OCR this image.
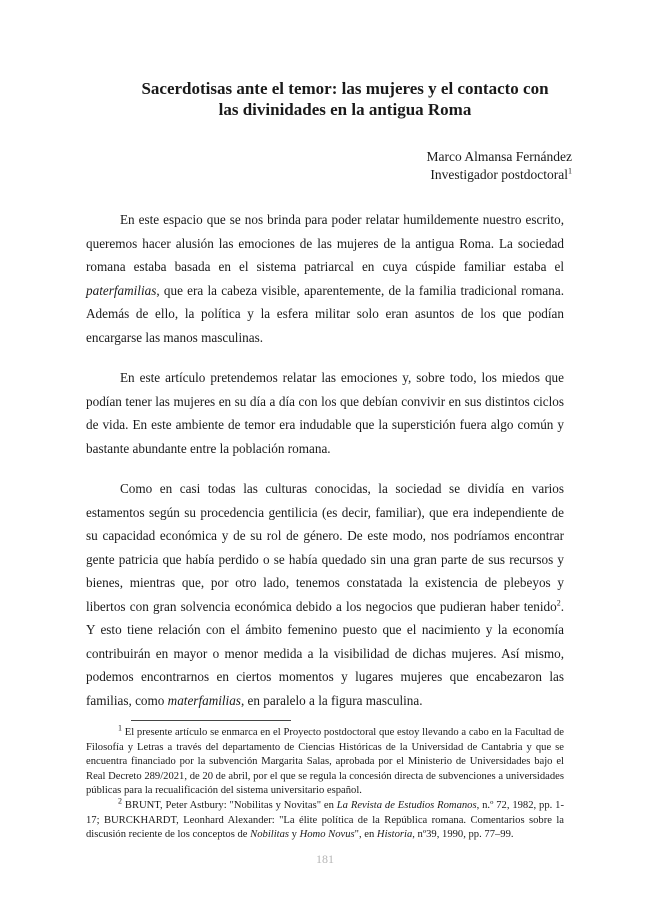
Sacerdotisas ante el temor: las mujeres y el contacto con
las divinidades en la antigua Roma
Marco Almansa Fernández
Investigador postdoctoral$^1$

En este espacio que se nos brinda para poder relatar humildemente nuestro escrito, queremos hacer alusión las emociones de las mujeres de la antigua Roma. La sociedad romana estaba basada en el sistema patriarcal en cuya cúspide familiar estaba el paterfamilias, que era la cabeza visible, aparentemente, de la familia tradicional romana. Además de ello, la política y la esfera militar solo eran asuntos de los que podían encargarse las manos masculinas.

En este artículo pretendemos relatar las emociones y, sobre todo, los miedos que podían tener las mujeres en su día a día con los que debían convivir en sus distintos ciclos de vida. En este ambiente de temor era indudable que la superstición fuera algo común y bastante abundante entre la población romana.

Como en casi todas las culturas conocidas, la sociedad se dividía en varios estamentos según su procedencia gentilicia (es decir, familiar), que era independiente de su capacidad económica y de su rol de género. De este modo, nos podríamos encontrar gente patricia que había perdido o se había quedado sin una gran parte de sus recursos y bienes, mientras que, por otro lado, tenemos constatada la existencia de plebeyos y libertos con gran solvencia económica debido a los negocios que pudieran haber tenido$^2$. Y esto tiene relación con el ámbito femenino puesto que el nacimiento y la economía contribuirán en mayor o menor medida a la visibilidad de dichas mujeres. Así mismo, podemos encontrarnos en ciertos momentos y lugares mujeres que encabezaron las familias, como materfamilias, en paralelo a la figura masculina.

$^1$ El presente artículo se enmarca en el Proyecto postdoctoral que estoy llevando a cabo en la Facultad de Filosofía y Letras a través del departamento de Ciencias Históricas de la Universidad de Cantabria y que se encuentra financiado por la subvención Margarita Salas, aprobada por el Ministerio de Universidades bajo el Real Decreto 289/2021, de 20 de abril, por el que se regula la concesión directa de subvenciones a universidades públicas para la recualificación del sistema universitario español.

$^2$ BRUNT, Peter Astbury: "Nobilitas y Novitas" en La Revista de Estudios Romanos, n.º 72, 1982, pp. 1-17; BURCKHARDT, Leonhard Alexander: "La élite política de la República romana. Comentarios sobre la discusión reciente de los conceptos de Nobilitas y Homo Novus", en Historia, nº39, 1990, pp. 77–99.

181
